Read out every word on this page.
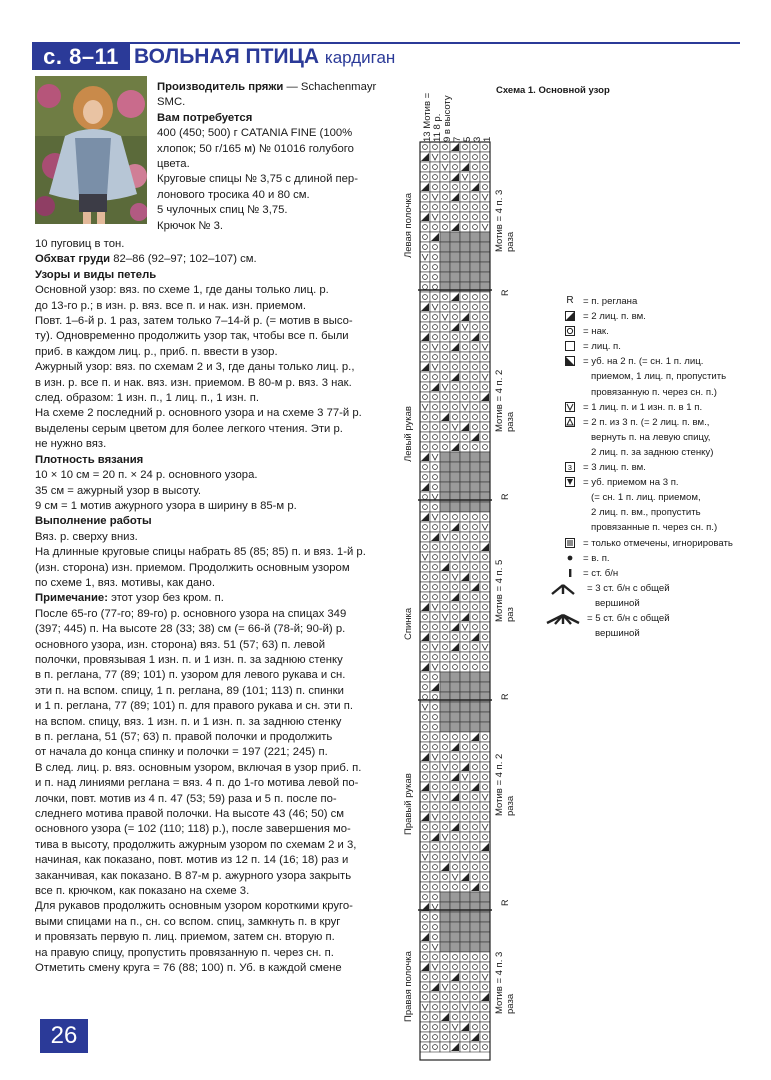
с. 8–11 ВОЛЬНАЯ ПТИЦА кардиган

Производитель пряжи — Schachenmayr

SMC.

Вам потребуется

400 (450; 500) г CATANIA FINE (100%

хлопок; 50 г/165 м) № 01016 голубого

цвета.

Круговые спицы № 3,75 с длиной пер-

лонового тросика 40 и 80 см.

5 чулочных спиц № 3,75.

Крючок № 3.

10 пуговиц в тон.

Обхват груди 82–86 (92–97; 102–107) см.

Узоры и виды петель

Основной узор: вяз. по схеме 1, где даны только лиц. р.

до 13-го р.; в изн. р. вяз. все п. и нак. изн. приемом.

Повт. 1–6-й р. 1 раз, затем только 7–14-й р. (= мотив в высо-

ту). Одновременно продолжить узор так, чтобы все п. были

приб. в каждом лиц. р., приб. п. ввести в узор.

Ажурный узор: вяз. по схемам 2 и 3, где даны только лиц. р.,

в изн. р. все п. и нак. вяз. изн. приемом. В 80-м р. вяз. 3 нак.

след. образом: 1 изн. п., 1 лиц. п., 1 изн. п.

На схеме 2 последний р. основного узора и на схеме 3 77-й р.

выделены серым цветом для более легкого чтения. Эти р.

не нужно вяз.

Плотность вязания

10 × 10 см = 20 п. × 24 р. основного узора.

35 см = ажурный узор в высоту.

9 см = 1 мотив ажурного узора в ширину в 85-м р.

Выполнение работы

Вяз. р. сверху вниз.

На длинные круговые спицы набрать 85 (85; 85) п. и вяз. 1-й р.

(изн. сторона) изн. приемом. Продолжить основным узором

по схеме 1, вяз. мотивы, как дано.

Примечание: этот узор без кром. п.

После 65-го (77-го; 89-го) р. основного узора на спицах 349

(397; 445) п. На высоте 28 (33; 38) см (= 66-й (78-й; 90-й) р.

основного узора, изн. сторона) вяз. 51 (57; 63) п. левой

полочки, провязывая 1 изн. п. и 1 изн. п. за заднюю стенку

в п. реглана, 77 (89; 101) п. узором для левого рукава и сн.

эти п. на вспом. спицу, 1 п. реглана, 89 (101; 113) п. спинки

и 1 п. реглана, 77 (89; 101) п. для правого рукава и сн. эти п.

на вспом. спицу, вяз. 1 изн. п. и 1 изн. п. за заднюю стенку

в п. реглана, 51 (57; 63) п. правой полочки и продолжить

от начала до конца спинку и полочки = 197 (221; 245) п.

В след. лиц. р. вяз. основным узором, включая в узор приб. п.

и п. над линиями реглана = вяз. 4 п. до 1-го мотива левой по-

лочки, повт. мотив из 4 п. 47 (53; 59) раза и 5 п. после по-

следнего мотива правой полочки. На высоте 43 (46; 50) см

основного узора (= 102 (110; 118) р.), после завершения мо-

тива в высоту, продолжить ажурным узором по схемам 2 и 3,

начиная, как показано, повт. мотив из 12 п. 14 (16; 18) раз и

заканчивая, как показано. В 87-м р. ажурного узора закрыть

все п. крючком, как показано на схеме 3.

Для рукавов продолжить основным узором короткими круго-

выми спицами на п., сн. со вспом. спиц, замкнуть п. в круг

и провязать первую п. лиц. приемом, затем сн. вторую п.

на правую спицу, пропустить провязанную п. через сн. п.

Отметить смену круга = 76 (88; 100) п. Уб. в каждой смене

26
Схема 1. Основной узор
13 Мотив = 11 8 р. 9 в высоту 7 5 3 1
Левая полочка
Левый рукав
Спинка
Правый рукав
Правая полочка
Мотив = 4 п. 3 раза
Мотив = 4 п. 2 раза
Мотив = 4 п. 5 раз
Мотив = 4 п. 2 раза
Мотив = 4 п. 3 раза
R = п. реглана
= 2 лиц. п. вм.
= нак.
= лиц. п.
= уб. на 2 п. (= сн. 1 п. лиц.
приемом, 1 лиц. п, пропустить
провязанную п. через сн. п.)
= 1 лиц. п. и 1 изн. п. в 1 п.
= 2 п. из 3 п. (= 2 лиц. п. вм.,
вернуть п. на левую спицу,
2 лиц. п. за заднюю стенку)
3 = 3 лиц. п. вм.
= уб. приемом на 3 п.
(= сн. 1 п. лиц. приемом,
2 лиц. п. вм., пропустить
провязанные п. через сн. п.)
= только отмечены, игнорировать
= в. п.
= ст. б/н
= 3 ст. б/н с общей
вершиной
= 5 ст. б/н с общей
вершиной
R
R
R
R
